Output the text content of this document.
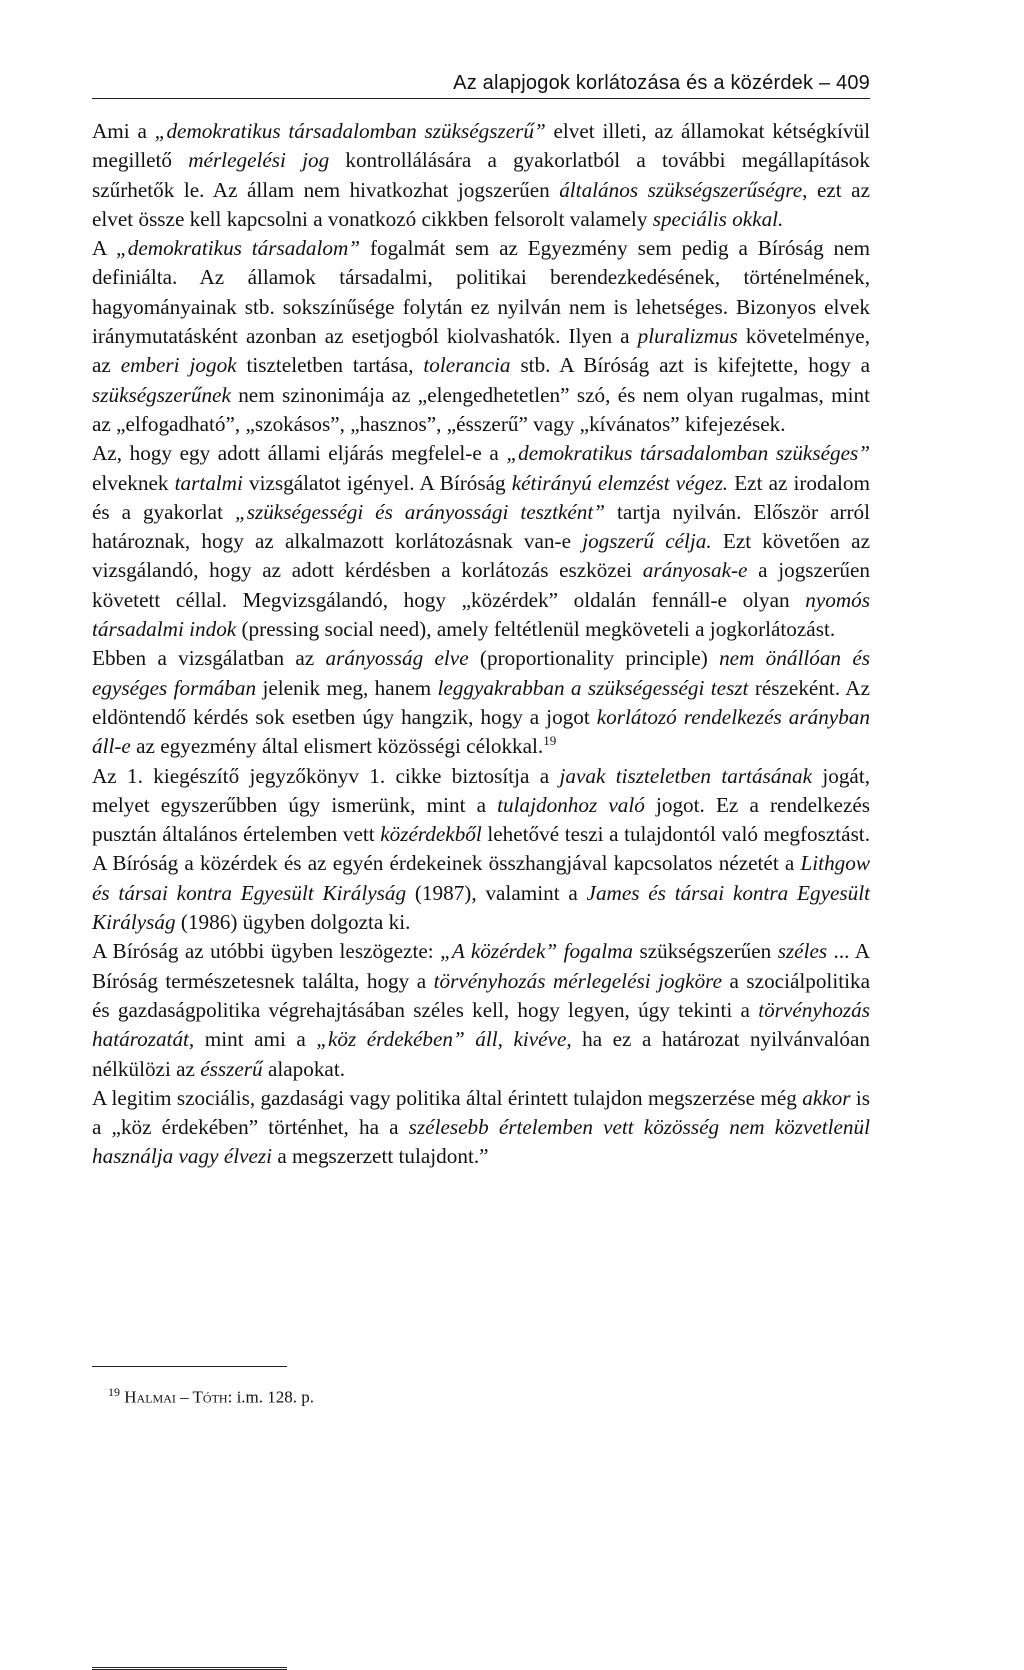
Az alapjogok korlátozása és a közérdek – 409

Ami a „demokratikus társadalomban szükségszerű” elvet illeti, az államokat kétségkívül megillető mérlegelési jog kontrollálására a gyakorlatból a további megállapítások szűrhetők le. Az állam nem hivatkozhat jogszerűen általános szükségszerűségre, ezt az elvet össze kell kapcsolni a vonatkozó cikkben felsorolt valamely speciális okkal.

A „demokratikus társadalom” fogalmát sem az Egyezmény sem pedig a Bíróság nem definiálta. Az államok társadalmi, politikai berendezkedésének, történelmének, hagyományainak stb. sokszínűsége folytán ez nyilván nem is lehetséges. Bizonyos elvek iránymutatásként azonban az esetjogból kiolvashatók. Ilyen a pluralizmus követelménye, az emberi jogok tiszteletben tartása, tolerancia stb. A Bíróság azt is kifejtette, hogy a szükségszerűnek nem szinonimája az „elengedhetetlen” szó, és nem olyan rugalmas, mint az „elfogadható”, „szokásos”, „hasznos”, „ésszerű” vagy „kívánatos” kifejezések.

Az, hogy egy adott állami eljárás megfelel-e a „demokratikus társadalomban szükséges” elveknek tartalmi vizsgálatot igényel. A Bíróság kétirányú elemzést végez. Ezt az irodalom és a gyakorlat „szükségességi és arányossági tesztként” tartja nyilván. Először arról határoznak, hogy az alkalmazott korlátozásnak van-e jogszerű célja. Ezt követően az vizsgálandó, hogy az adott kérdésben a korlátozás eszközei arányosak-e a jogszerűen követett céllal. Megvizsgálandó, hogy „közérdek” oldalán fennáll-e olyan nyomós társadalmi indok (pressing social need), amely feltétlenül megköveteli a jogkorlátozást.

Ebben a vizsgálatban az arányosság elve (proportionality principle) nem önállóan és egységes formában jelenik meg, hanem leggyakrabban a szükségességi teszt részeként. Az eldöntendő kérdés sok esetben úgy hangzik, hogy a jogot korlátozó rendelkezés arányban áll-e az egyezmény által elismert közösségi célokkal.$^{19}$

Az 1. kiegészítő jegyzőkönyv 1. cikke biztosítja a javak tiszteletben tartásának jogát, melyet egyszerűbben úgy ismerünk, mint a tulajdonhoz való jogot. Ez a rendelkezés pusztán általános értelemben vett közérdekből lehetővé teszi a tulajdontól való megfosztást. A Bíróság a közérdek és az egyén érdekeinek összhangjával kapcsolatos nézetét a Lithgow és társai kontra Egyesült Királyság (1987), valamint a James és társai kontra Egyesült Királyság (1986) ügyben dolgozta ki.

A Bíróság az utóbbi ügyben leszögezte: „A közérdek” fogalma szükségszerűen széles ... A Bíróság természetesnek találta, hogy a törvényhozás mérlegelési jogköre a szociálpolitika és gazdaságpolitika végrehajtásában széles kell, hogy legyen, úgy tekinti a törvényhozás határozatát, mint ami a „köz érdekében” áll, kivéve, ha ez a határozat nyilvánvalóan nélkülözi az ésszerű alapokat.

A legitim szociális, gazdasági vagy politika által érintett tulajdon megszerzése még akkor is a „köz érdekében” történhet, ha a szélesebb értelemben vett közösség nem közvetlenül használja vagy élvezi a megszerzett tulajdont.”

$^{19}$ Halmai – Tóth: i.m. 128. p.
